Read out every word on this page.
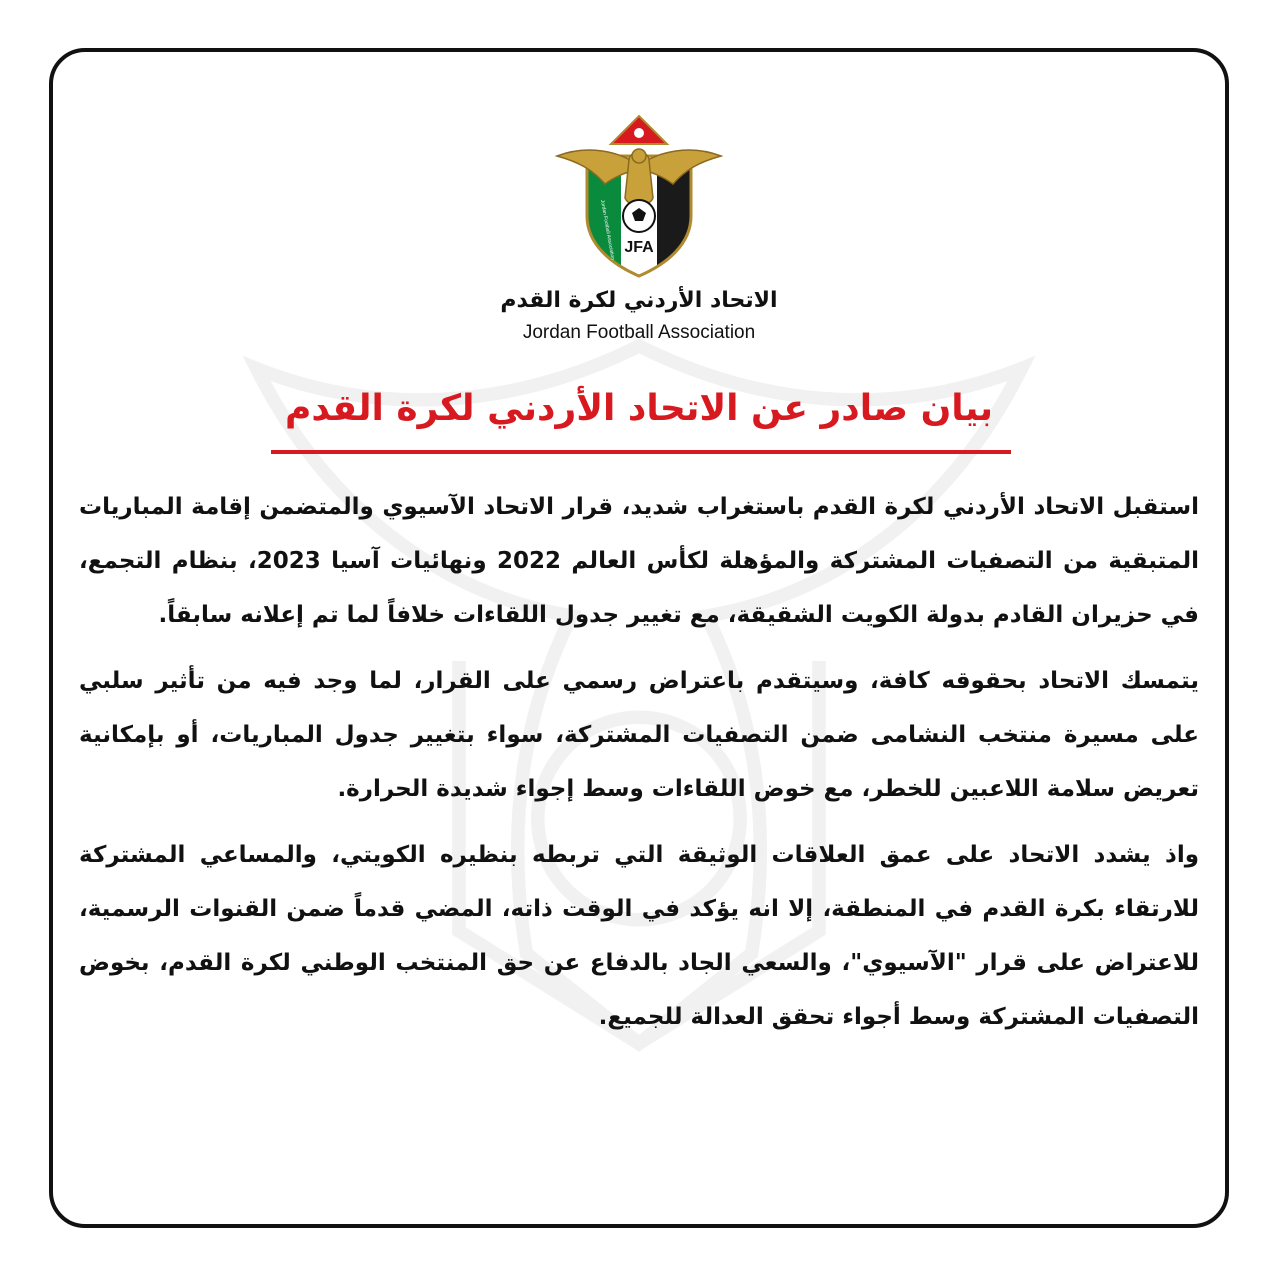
JFA
Jordan Football Association
الاتحاد الأردني لكرة القدم
Jordan Football Association
بيان صادر عن الاتحاد الأردني لكرة القدم

استقبل الاتحاد الأردني لكرة القدم باستغراب شديد، قرار الاتحاد الآسيوي والمتضمن إقامة المباريات المتبقية من التصفيات المشتركة والمؤهلة لكأس العالم 2022 ونهائيات آسيا 2023، بنظام التجمع، في حزيران القادم بدولة الكويت الشقيقة، مع تغيير جدول اللقاءات خلافاً لما تم إعلانه سابقاً.

يتمسك الاتحاد بحقوقه كافة، وسيتقدم باعتراض رسمي على القرار، لما وجد فيه من تأثير سلبي على مسيرة منتخب النشامى ضمن التصفيات المشتركة، سواء بتغيير جدول المباريات، أو بإمكانية تعريض سلامة اللاعبين للخطر، مع خوض اللقاءات وسط إجواء شديدة الحرارة.

واذ يشدد الاتحاد على عمق العلاقات الوثيقة التي تربطه بنظيره الكويتي، والمساعي المشتركة للارتقاء بكرة القدم في المنطقة، إلا انه يؤكد في الوقت ذاته، المضي قدماً ضمن القنوات الرسمية، للاعتراض على قرار "الآسيوي"، والسعي الجاد بالدفاع عن حق المنتخب الوطني لكرة القدم، بخوض التصفيات المشتركة وسط أجواء تحقق العدالة للجميع.
